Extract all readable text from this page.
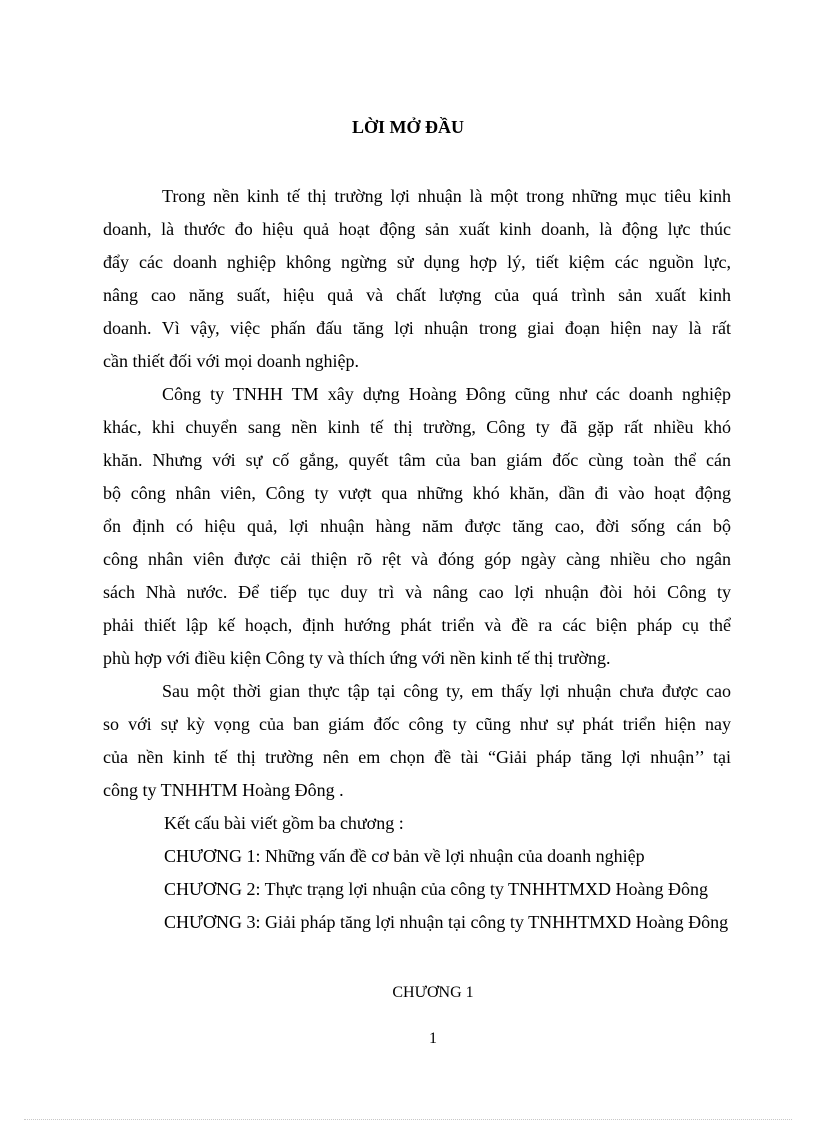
LỜI MỞ ĐẦU
Trong nền kinh tế thị trường lợi nhuận là một trong những mục tiêu kinh
doanh, là thước đo hiệu quả hoạt động sản xuất kinh doanh, là động lực thúc
đẩy các doanh nghiệp không ngừng sử dụng hợp lý, tiết kiệm các nguồn lực,
nâng cao năng suất, hiệu quả và chất lượng của quá trình sản xuất kinh
doanh. Vì vậy, việc phấn đấu tăng lợi nhuận trong giai đoạn hiện nay là rất
cần thiết đối với mọi doanh nghiệp.
Công ty TNHH TM xây dựng Hoàng Đông cũng như các doanh nghiệp
khác, khi chuyển sang nền kinh tế thị trường, Công ty đã gặp rất nhiều khó
khăn. Nhưng với sự cố gắng, quyết tâm của ban giám đốc cùng toàn thể cán
bộ công nhân viên, Công ty vượt qua những khó khăn, dần đi vào hoạt động
ổn định có hiệu quả, lợi nhuận hàng năm được tăng cao, đời sống cán bộ
công nhân viên được cải thiện rõ rệt và đóng góp ngày càng nhiều cho ngân
sách Nhà nước. Để tiếp tục duy trì và nâng cao lợi nhuận đòi hỏi Công ty
phải thiết lập kế hoạch, định hướng phát triển và đề ra các biện pháp cụ thể
phù hợp với điều kiện Công ty và thích ứng với nền kinh tế thị trường.
Sau một thời gian thực tập tại công ty, em thấy lợi nhuận chưa được cao
so với sự kỳ vọng của ban giám đốc công ty cũng như sự phát triển hiện nay
của nền kinh tế thị trường nên em chọn đề tài “Giải pháp tăng lợi nhuận’’ tại
công ty TNHHTM Hoàng Đông .

Kết cấu bài viết gồm ba chương :

CHƯƠNG 1: Những vấn đề cơ bản về lợi nhuận của doanh nghiệp

CHƯƠNG 2: Thực trạng lợi nhuận của công ty TNHHTMXD Hoàng Đông

CHƯƠNG 3: Giải pháp tăng lợi nhuận tại công ty TNHHTMXD Hoàng Đông

CHƯƠNG 1
1
